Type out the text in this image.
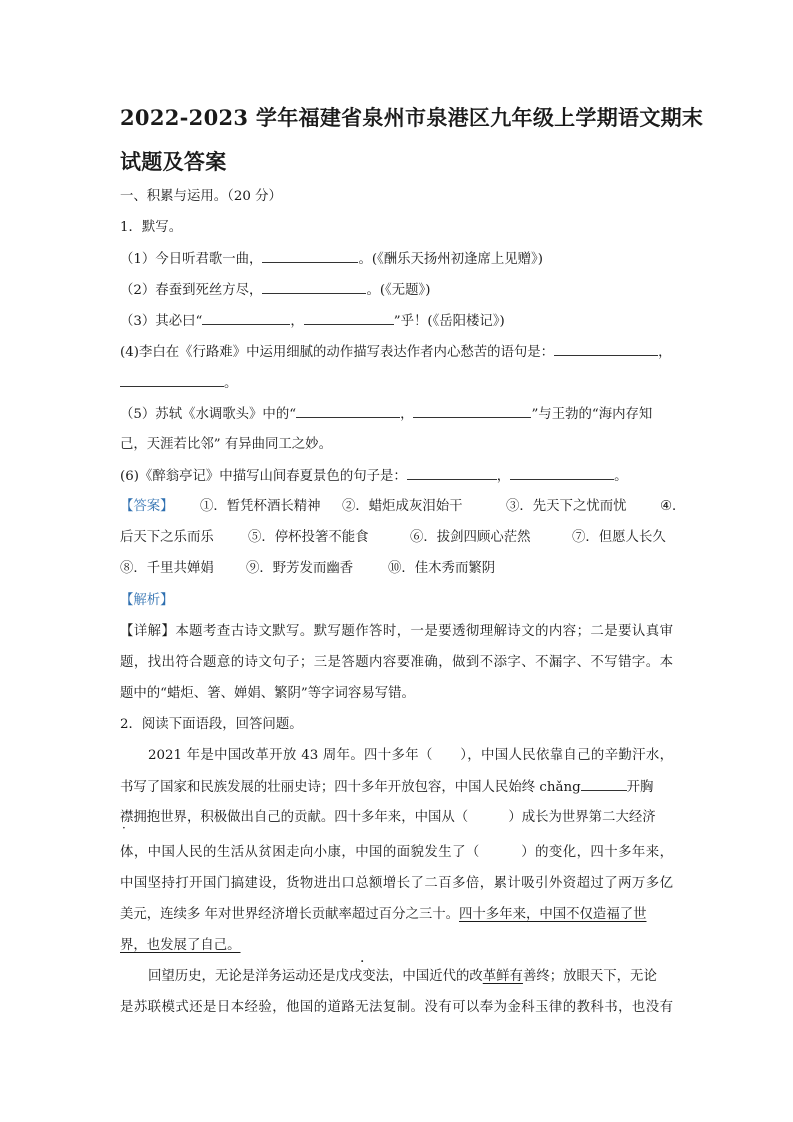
2022-2023 学年福建省泉州市泉港区九年级上学期语文期末
试题及答案
一、积累与运用。（20 分）
1．默写。
（1）今日听君歌一曲，	。(《酬乐天扬州初逢席上见赠》)
（2）春蚕到死丝方尽，	。(《无题》)
（3）其必曰“	，	”乎！(《岳阳楼记》)
(4)李白在《行路难》中运用细腻的动作描写表达作者内心愁苦的语句是：	，
。
（5）苏轼《水调歌头》中的“	，	”与王勃的“海内存知
己，天涯若比邻” 有异曲同工之妙。
(6)《醉翁亭记》中描写山间春夏景色的句子是：	，	。
【答案】 ①．暂凭杯酒长精神 ②．蜡炬成灰泪始干	③．先天下之忧而忧 ④．
后天下之乐而乐	⑤．停杯投箸不能食	⑥．拔剑四顾心茫然	⑦．但愿人长久
⑧．千里共婵娟 ⑨．野芳发而幽香	⑩．佳木秀而繁阴
【解析】
【详解】本题考查古诗文默写。默写题作答时，一是要透彻理解诗文的内容；二是要认真审
题，找出符合题意的诗文句子；三是答题内容要准确，做到不添字、不漏字、不写错字。本
题中的“蜡炬、箸、婵娟、繁阴”等字词容易写错。
2．阅读下面语段，回答问题。
2021 年是中国改革开放 43 周年。四十多年（　　），中国人民依靠自己的辛勤汗水，
书写了国家和民族发展的壮丽史诗；四十多年开放包容，中国人民始终 chǎng	开胸
襟拥抱世界，积极做出自己的贡献。四十多年来，中国从（　　　）成长为世界第二大经济
体，中国人民的生活从贫困走向小康，中国的面貌发生了（　　　）的变化，四十多年来，
中国坚持打开国门搞建设，货物进出口总额增长了二百多倍，累计吸引外资超过了两万多亿
美元，连续多 年对世界经济增长贡献率超过百分之三十。四十多年来，中国不仅造福了世
界，也发展了自己。
回望历史，无论是洋务运动还是戊戌变法，中国近代的改革鲜有善终；放眼天下，无论
·
是苏联模式还是日本经验，他国的道路无法复制。没有可以奉为金科玉律的教科书，也没有
